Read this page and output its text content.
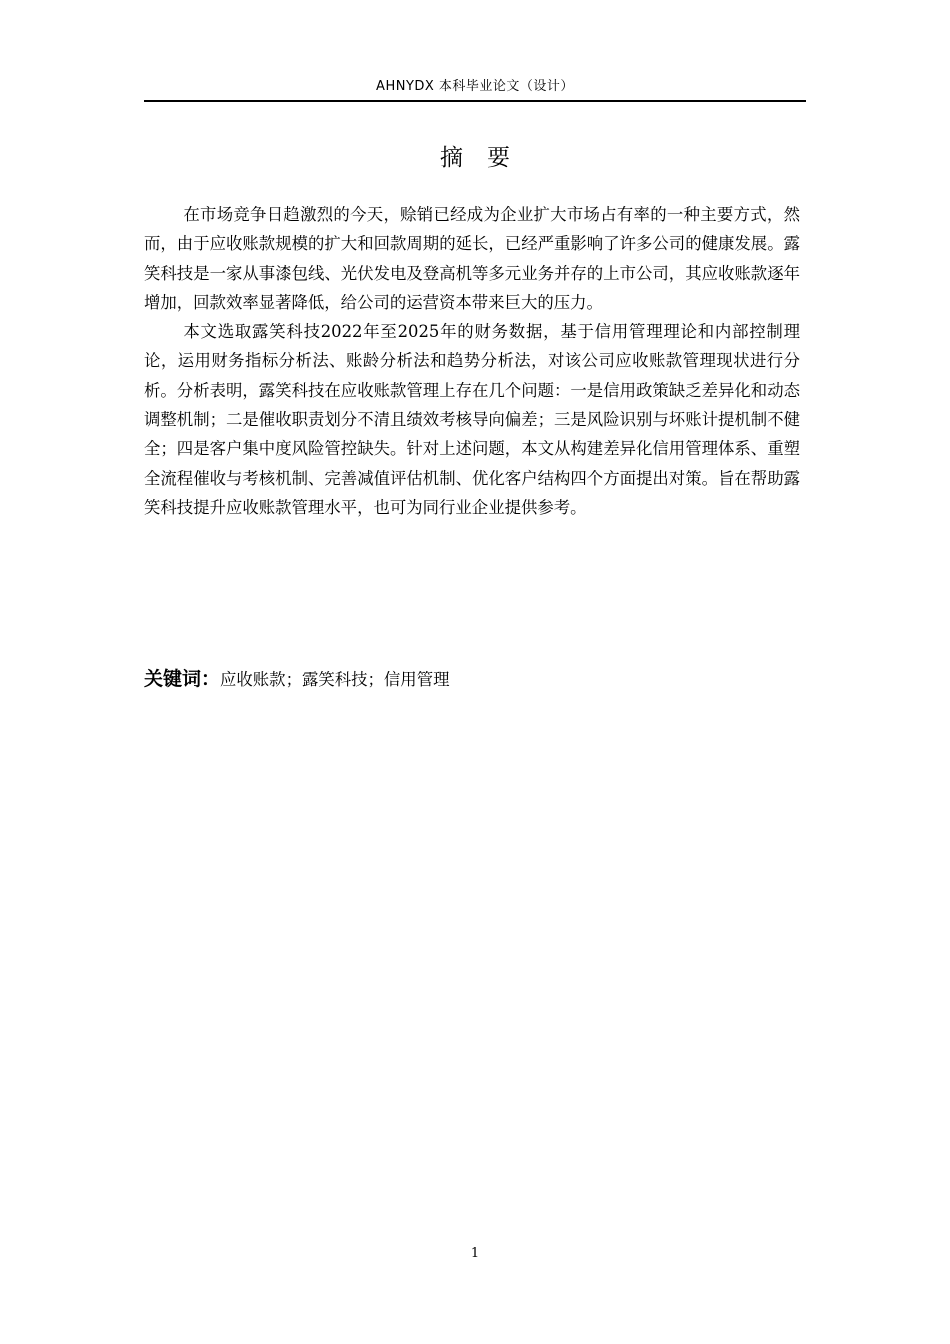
AHNYDX 本科毕业论文（设计）
摘要

在市场竞争日趋激烈的今天，赊销已经成为企业扩大市场占有率的一种主要方式，然而，由于应收账款规模的扩大和回款周期的延长，已经严重影响了许多公司的健康发展。露笑科技是一家从事漆包线、光伏发电及登高机等多元业务并存的上市公司，其应收账款逐年增加，回款效率显著降低，给公司的运营资本带来巨大的压力。

本文选取露笑科技2022年至2025年的财务数据，基于信用管理理论和内部控制理论，运用财务指标分析法、账龄分析法和趋势分析法，对该公司应收账款管理现状进行分析。分析表明，露笑科技在应收账款管理上存在几个问题：一是信用政策缺乏差异化和动态调整机制；二是催收职责划分不清且绩效考核导向偏差；三是风险识别与坏账计提机制不健全；四是客户集中度风险管控缺失。针对上述问题，本文从构建差异化信用管理体系、重塑全流程催收与考核机制、完善减值评估机制、优化客户结构四个方面提出对策。旨在帮助露笑科技提升应收账款管理水平，也可为同行业企业提供参考。

关键词：应收账款；露笑科技；信用管理
1
